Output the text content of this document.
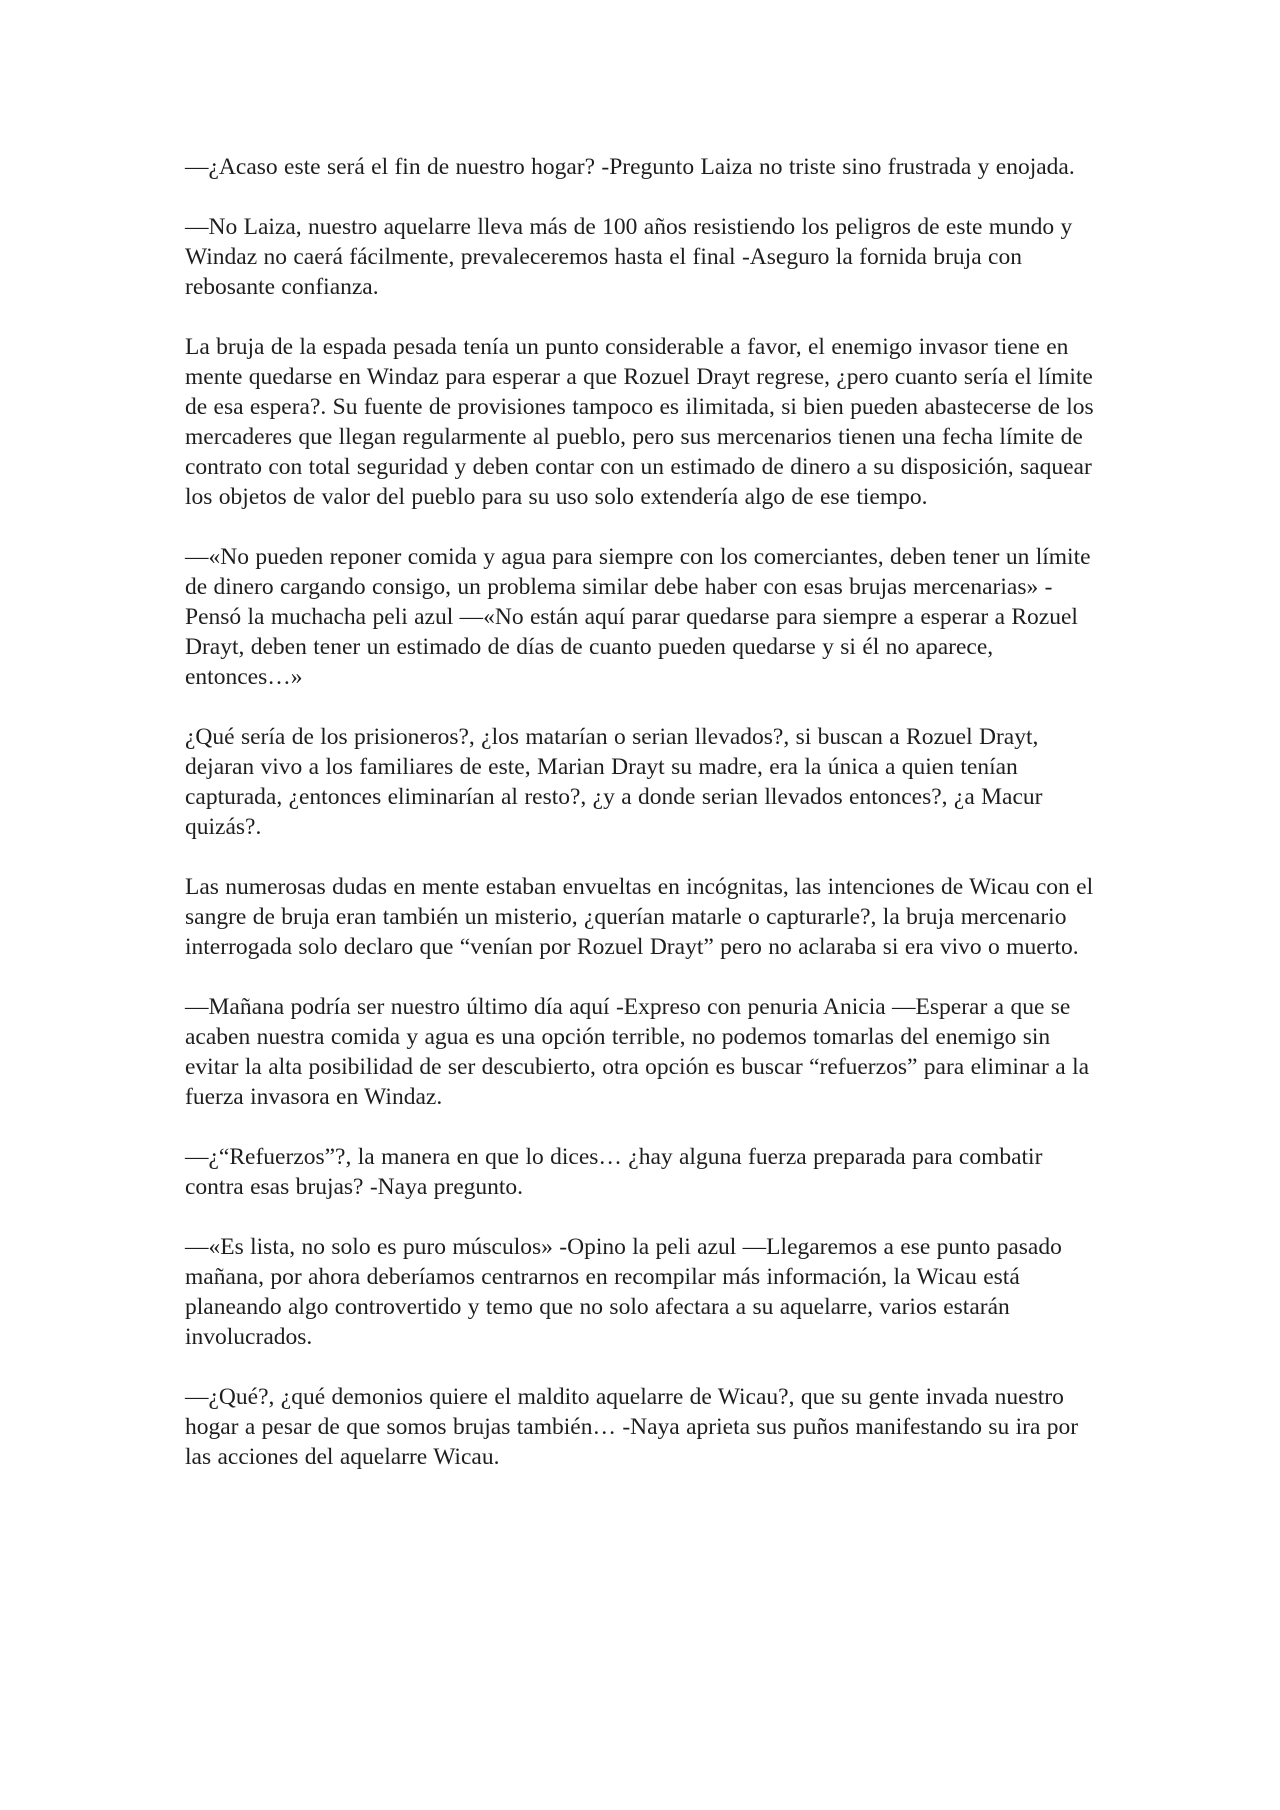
—¿Acaso este será el fin de nuestro hogar? -Pregunto Laiza no triste sino frustrada y enojada.

—No Laiza, nuestro aquelarre lleva más de 100 años resistiendo los peligros de este mundo y Windaz no caerá fácilmente, prevaleceremos hasta el final -Aseguro la fornida bruja con rebosante confianza.

La bruja de la espada pesada tenía un punto considerable a favor, el enemigo invasor tiene en mente quedarse en Windaz para esperar a que Rozuel Drayt regrese, ¿pero cuanto sería el límite de esa espera?. Su fuente de provisiones tampoco es ilimitada, si bien pueden abastecerse de los mercaderes que llegan regularmente al pueblo, pero sus mercenarios tienen una fecha límite de contrato con total seguridad y deben contar con un estimado de dinero a su disposición, saquear los objetos de valor del pueblo para su uso solo extendería algo de ese tiempo.

—«No pueden reponer comida y agua para siempre con los comerciantes, deben tener un límite de dinero cargando consigo, un problema similar debe haber con esas brujas mercenarias» -Pensó la muchacha peli azul —«No están aquí parar quedarse para siempre a esperar a Rozuel Drayt, deben tener un estimado de días de cuanto pueden quedarse y si él no aparece, entonces…»

¿Qué sería de los prisioneros?, ¿los matarían o serian llevados?, si buscan a Rozuel Drayt, dejaran vivo a los familiares de este, Marian Drayt su madre, era la única a quien tenían capturada, ¿entonces eliminarían al resto?, ¿y a donde serian llevados entonces?, ¿a Macur quizás?.

Las numerosas dudas en mente estaban envueltas en incógnitas, las intenciones de Wicau con el sangre de bruja eran también un misterio, ¿querían matarle o capturarle?, la bruja mercenario interrogada solo declaro que “venían por Rozuel Drayt” pero no aclaraba si era vivo o muerto.

—Mañana podría ser nuestro último día aquí -Expreso con penuria Anicia —Esperar a que se acaben nuestra comida y agua es una opción terrible, no podemos tomarlas del enemigo sin evitar la alta posibilidad de ser descubierto, otra opción es buscar “refuerzos” para eliminar a la fuerza invasora en Windaz.

—¿“Refuerzos”?, la manera en que lo dices… ¿hay alguna fuerza preparada para combatir contra esas brujas? -Naya pregunto.

—«Es lista, no solo es puro músculos» -Opino la peli azul —Llegaremos a ese punto pasado mañana, por ahora deberíamos centrarnos en recompilar más información, la Wicau está planeando algo controvertido y temo que no solo afectara a su aquelarre, varios estarán involucrados.

—¿Qué?, ¿qué demonios quiere el maldito aquelarre de Wicau?, que su gente invada nuestro hogar a pesar de que somos brujas también… -Naya aprieta sus puños manifestando su ira por las acciones del aquelarre Wicau.
